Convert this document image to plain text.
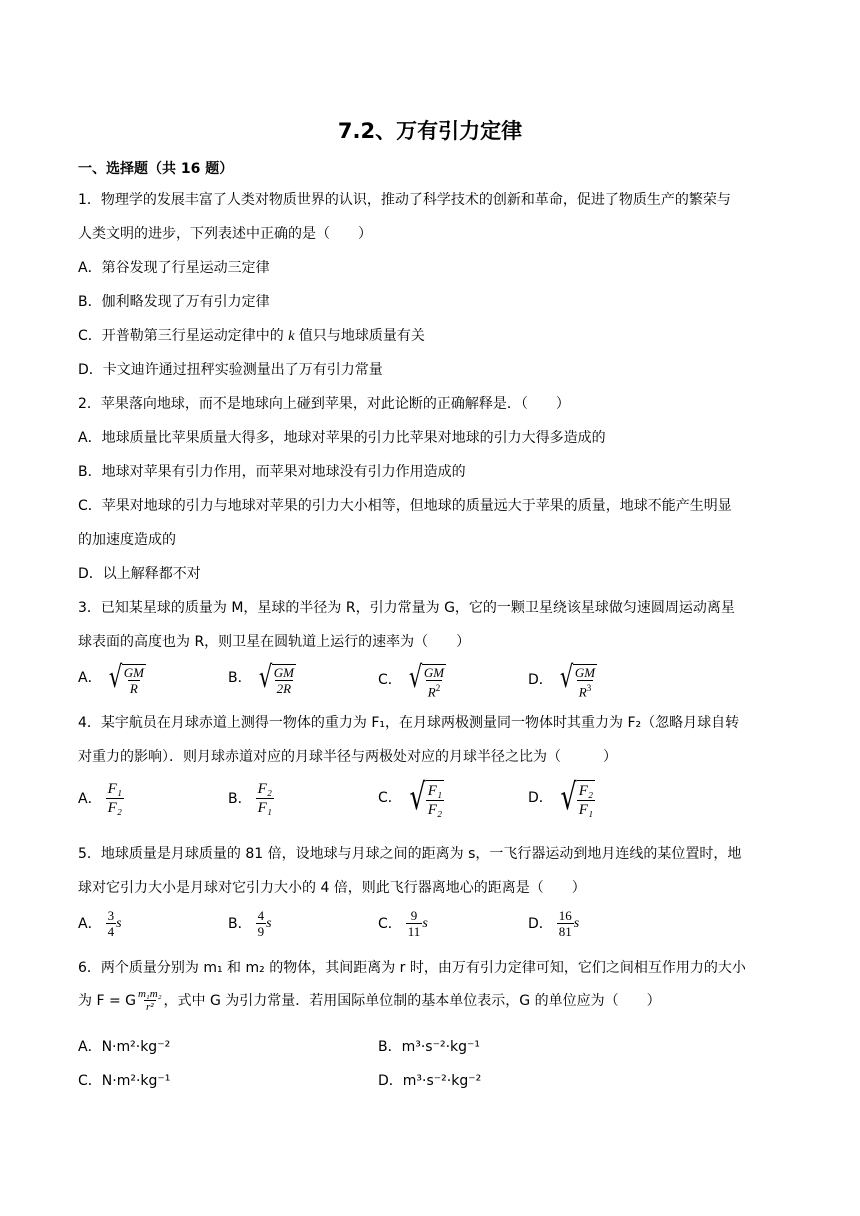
7.2、万有引力定律
一、选择题（共 16 题）
1．物理学的发展丰富了人类对物质世界的认识，推动了科学技术的创新和革命，促进了物质生产的繁荣与
人类文明的进步，下列表述中正确的是（　　）
A．第谷发现了行星运动三定律
B．伽利略发现了万有引力定律
C．开普勒第三行星运动定律中的 k 值只与地球质量有关
D．卡文迪许通过扭秤实验测量出了万有引力常量
2．苹果落向地球，而不是地球向上碰到苹果，对此论断的正确解释是．（　　）
A．地球质量比苹果质量大得多，地球对苹果的引力比苹果对地球的引力大得多造成的
B．地球对苹果有引力作用，而苹果对地球没有引力作用造成的
C．苹果对地球的引力与地球对苹果的引力大小相等，但地球的质量远大于苹果的质量，地球不能产生明显
的加速度造成的
D．以上解释都不对
3．已知某星球的质量为 M，星球的半径为 R，引力常量为 G，它的一颗卫星绕该星球做匀速圆周运动离星
球表面的高度也为 R，则卫星在圆轨道上运行的速率为（　　）
A． √ $\frac{GM}{R}$	B． √ $\frac{GM}{2R}$	C． √ $\frac{GM}{R^2}$	D． √ $\frac{GM}{R^3}$
4．某宇航员在月球赤道上测得一物体的重力为 F₁，在月球两极测量同一物体时其重力为 F₂（忽略月球自转
对重力的影响）．则月球赤道对应的月球半径与两极处对应的月球半径之比为（　　　）
A． $\frac{\text{F₁}}{\text{F₂}}$	B． $\frac{\text{F₂}}{\text{F₁}}$	C． √ $\frac{\text{F₁}}{\text{F₂}}$	D． √ $\frac{\text{F₂}}{\text{F₁}}$
5．地球质量是月球质量的 81 倍，设地球与月球之间的距离为 s，一飞行器运动到地月连线的某位置时，地
球对它引力大小是月球对它引力大小的 4 倍，则此飞行器离地心的距离是（　　）
A． $\frac{3}{4}$ s	B． $\frac{4}{9}$ s	C． $\frac{9}{11}$ s	D． $\frac{16}{81}$ s
6．两个质量分别为 m₁ 和 m₂ 的物体，其间距离为 r 时，由万有引力定律可知，它们之间相互作用力的大小
为 F = G $\frac{\text{m₁m₂}}{\text{r²}}$ ，式中 G 为引力常量．若用国际单位制的基本单位表示，G 的单位应为（　　）
A．N·m²·kg⁻²	B．m³·s⁻²·kg⁻¹
C．N·m²·kg⁻¹	D．m³·s⁻²·kg⁻²
